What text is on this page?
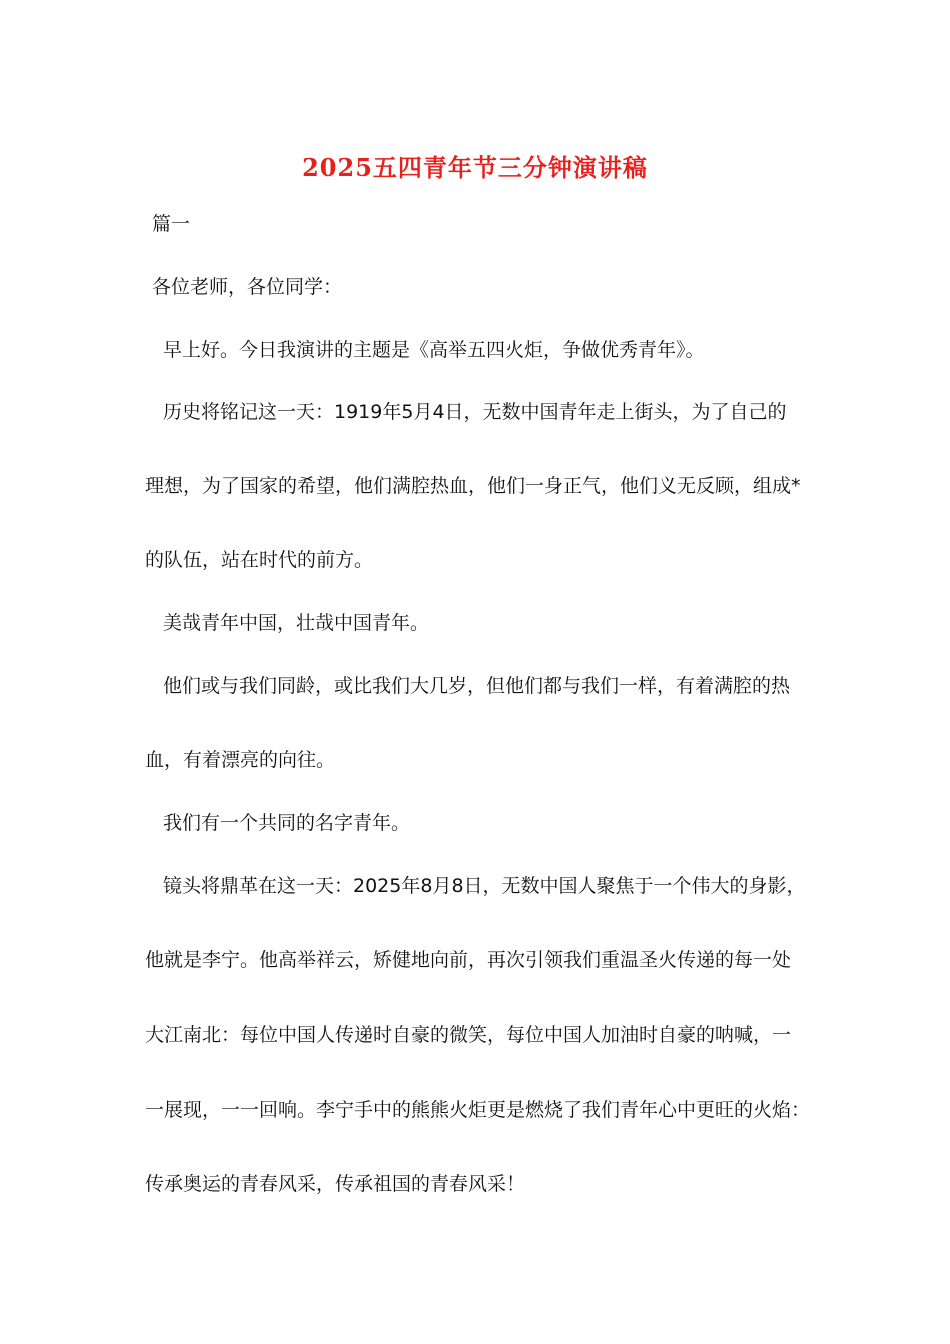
2025五四青年节三分钟演讲稿

篇一

各位老师，各位同学：

早上好。今日我演讲的主题是《高举五四火炬，争做优秀青年》。

历史将铭记这一天：1919年5月4日，无数中国青年走上街头，为了自己的

理想，为了国家的希望，他们满腔热血，他们一身正气，他们义无反顾，组成*

的队伍，站在时代的前方。

美哉青年中国，壮哉中国青年。

他们或与我们同龄，或比我们大几岁，但他们都与我们一样，有着满腔的热

血，有着漂亮的向往。

我们有一个共同的名字青年。

镜头将鼎革在这一天：2025年8月8日，无数中国人聚焦于一个伟大的身影，

他就是李宁。他高举祥云，矫健地向前，再次引领我们重温圣火传递的每一处

大江南北：每位中国人传递时自豪的微笑，每位中国人加油时自豪的呐喊，一

一展现，一一回响。李宁手中的熊熊火炬更是燃烧了我们青年心中更旺的火焰：

传承奥运的青春风采，传承祖国的青春风采！
